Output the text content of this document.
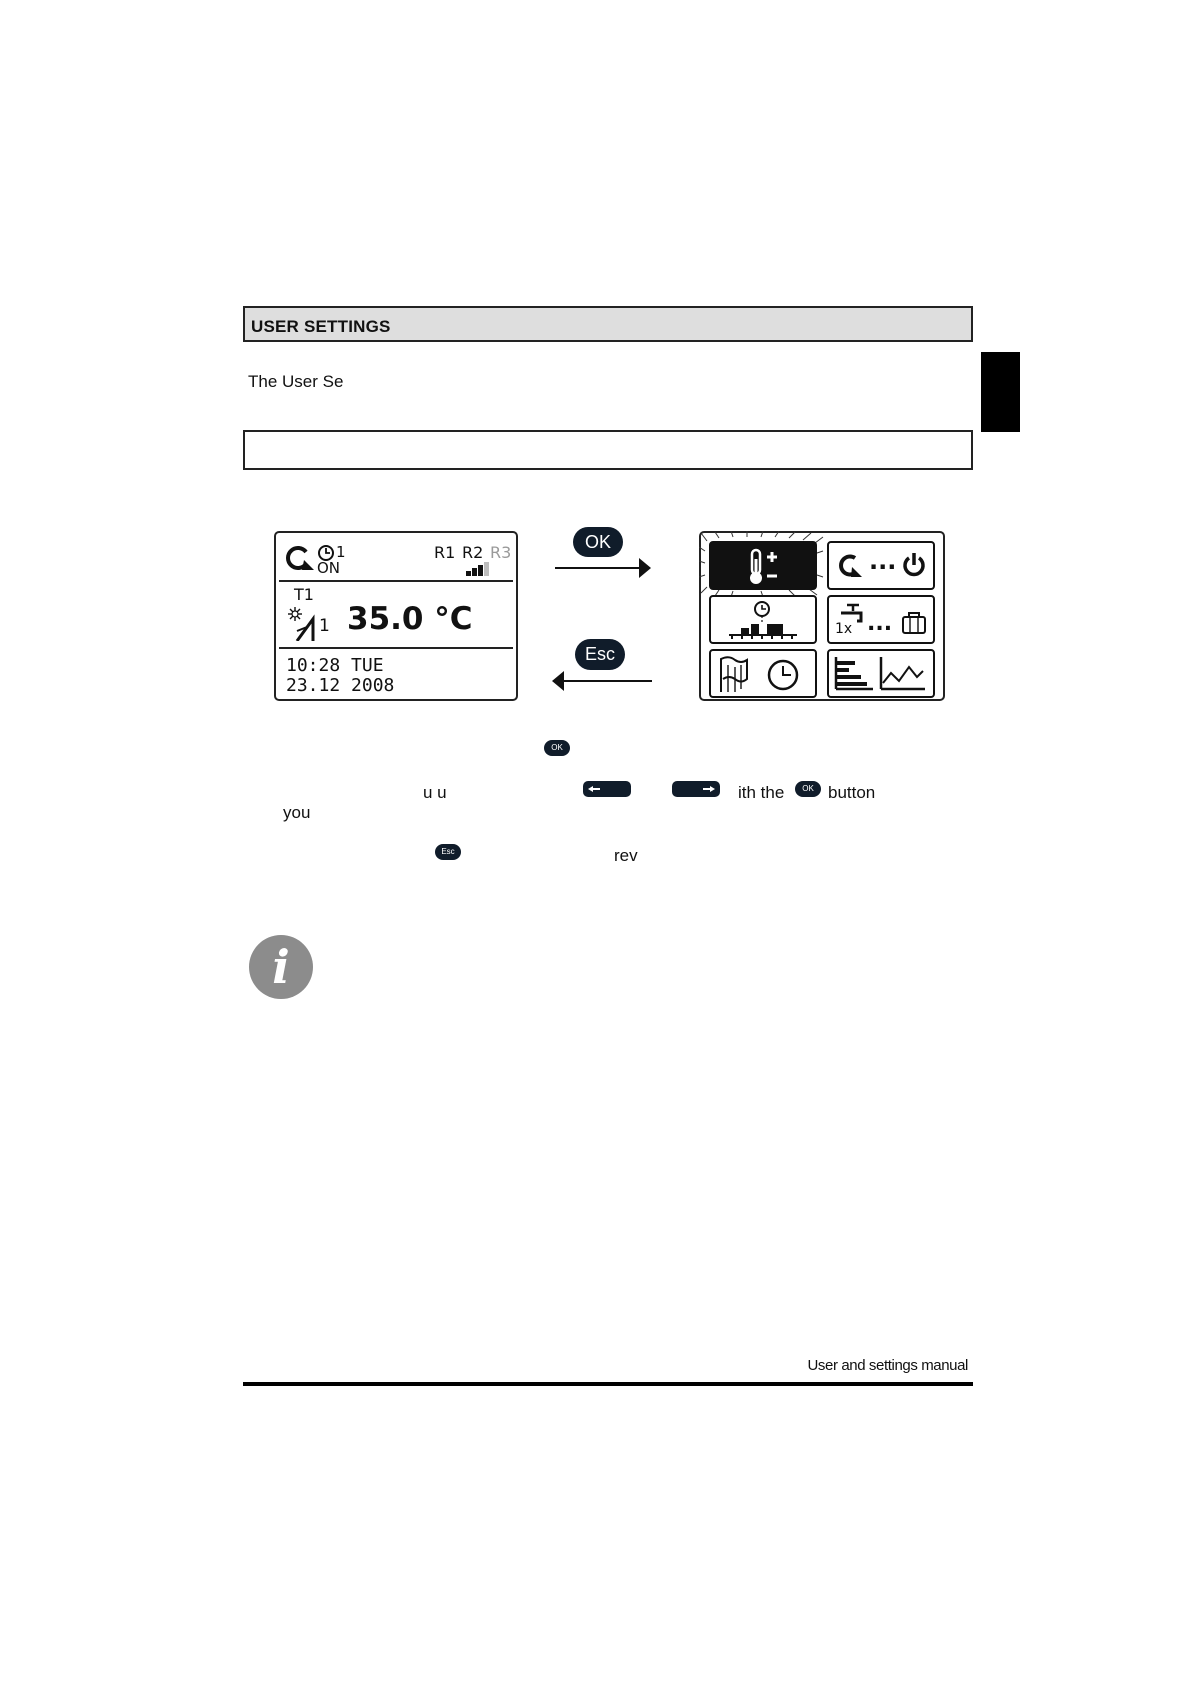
USER SETTINGS
The User Se
1
ON
R1 R2 R3
T1
1 35.0 °C
10:28 TUE
23.12 2008
OK
Esc
...
1x ...
OK
u u	ith the	OK button
you
Esc	rev
i
User and settings manual
